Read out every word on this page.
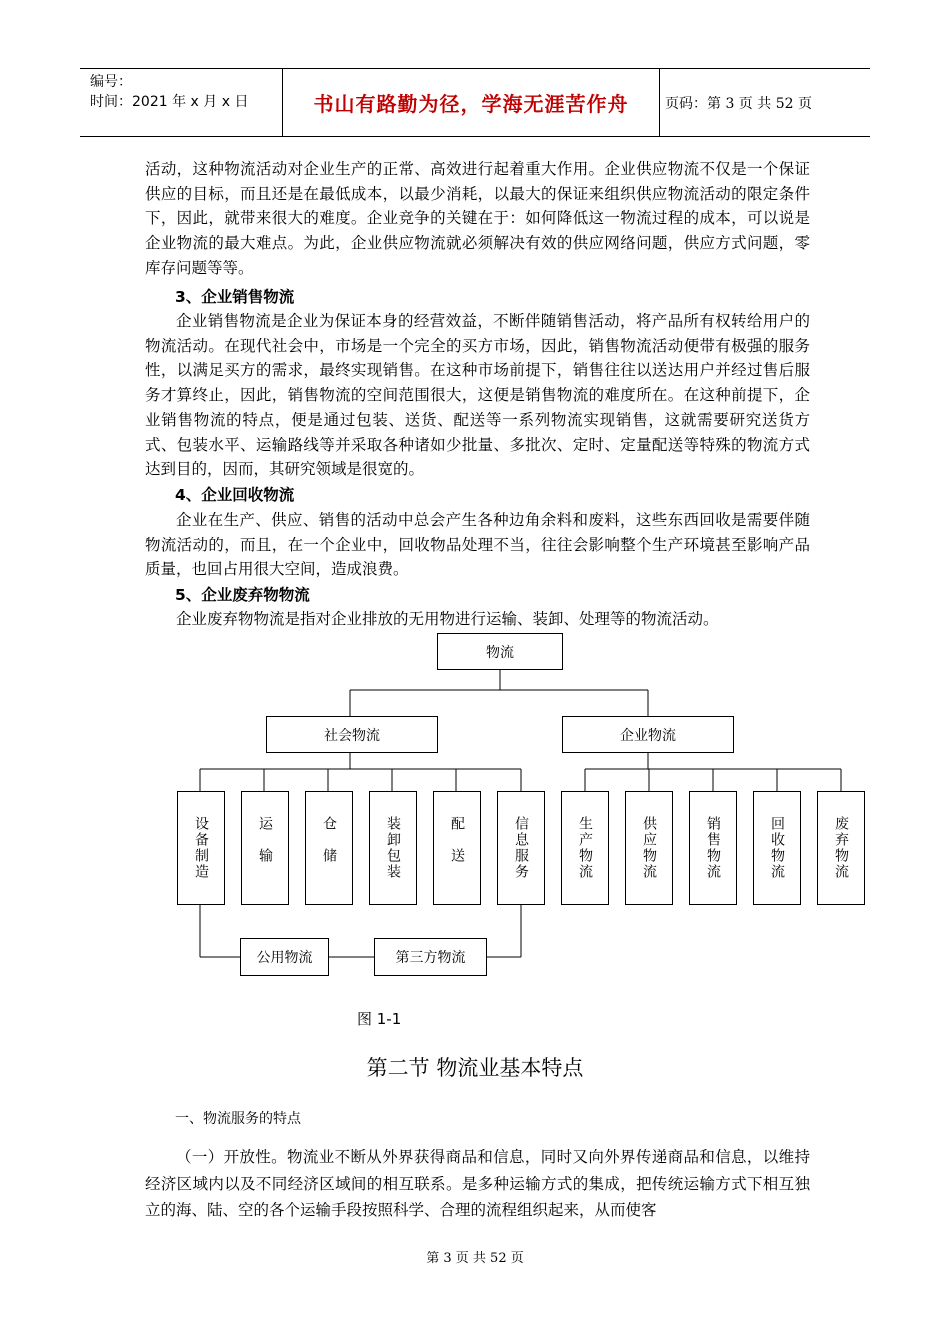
编号：
时间：2021 年 x 月 x 日	书山有路勤为径，学海无涯苦作舟	页码：第 3 页 共 52 页
活动，这种物流活动对企业生产的正常、高效进行起着重大作用。企业供应物流不仅是一个保证供应的目标，而且还是在最低成本，以最少消耗，以最大的保证来组织供应物流活动的限定条件下，因此，就带来很大的难度。企业竞争的关键在于：如何降低这一物流过程的成本，可以说是企业物流的最大难点。为此，企业供应物流就必须解决有效的供应网络问题，供应方式问题，零库存问题等等。
3、企业销售物流
企业销售物流是企业为保证本身的经营效益，不断伴随销售活动，将产品所有权转给用户的物流活动。在现代社会中，市场是一个完全的买方市场，因此，销售物流活动便带有极强的服务性，以满足买方的需求，最终实现销售。在这种市场前提下，销售往往以送达用户并经过售后服务才算终止，因此，销售物流的空间范围很大，这便是销售物流的难度所在。在这种前提下，企业销售物流的特点，便是通过包装、送货、配送等一系列物流实现销售，这就需要研究送货方式、包装水平、运输路线等并采取各种诸如少批量、多批次、定时、定量配送等特殊的物流方式达到目的，因而，其研究领域是很宽的。
4、企业回收物流
企业在生产、供应、销售的活动中总会产生各种边角余料和废料，这些东西回收是需要伴随物流活动的，而且，在一个企业中，回收物品处理不当，往往会影响整个生产环境甚至影响产品质量，也回占用很大空间，造成浪费。
5、企业废弃物物流
企业废弃物物流是指对企业排放的无用物进行运输、装卸、处理等的物流活动。
物流
社会物流	企业物流
设备制造	运输	仓储	装卸包装	配送	信息服务	生产物流	供应物流	销售物流	回收物流	废弃物流
公用物流	第三方物流
图 1-1
第二节 物流业基本特点
一、物流服务的特点
（一）开放性。物流业不断从外界获得商品和信息，同时又向外界传递商品和信息，以维持经济区域内以及不同经济区域间的相互联系。是多种运输方式的集成，把传统运输方式下相互独立的海、陆、空的各个运输手段按照科学、合理的流程组织起来，从而使客
第 3 页 共 52 页
